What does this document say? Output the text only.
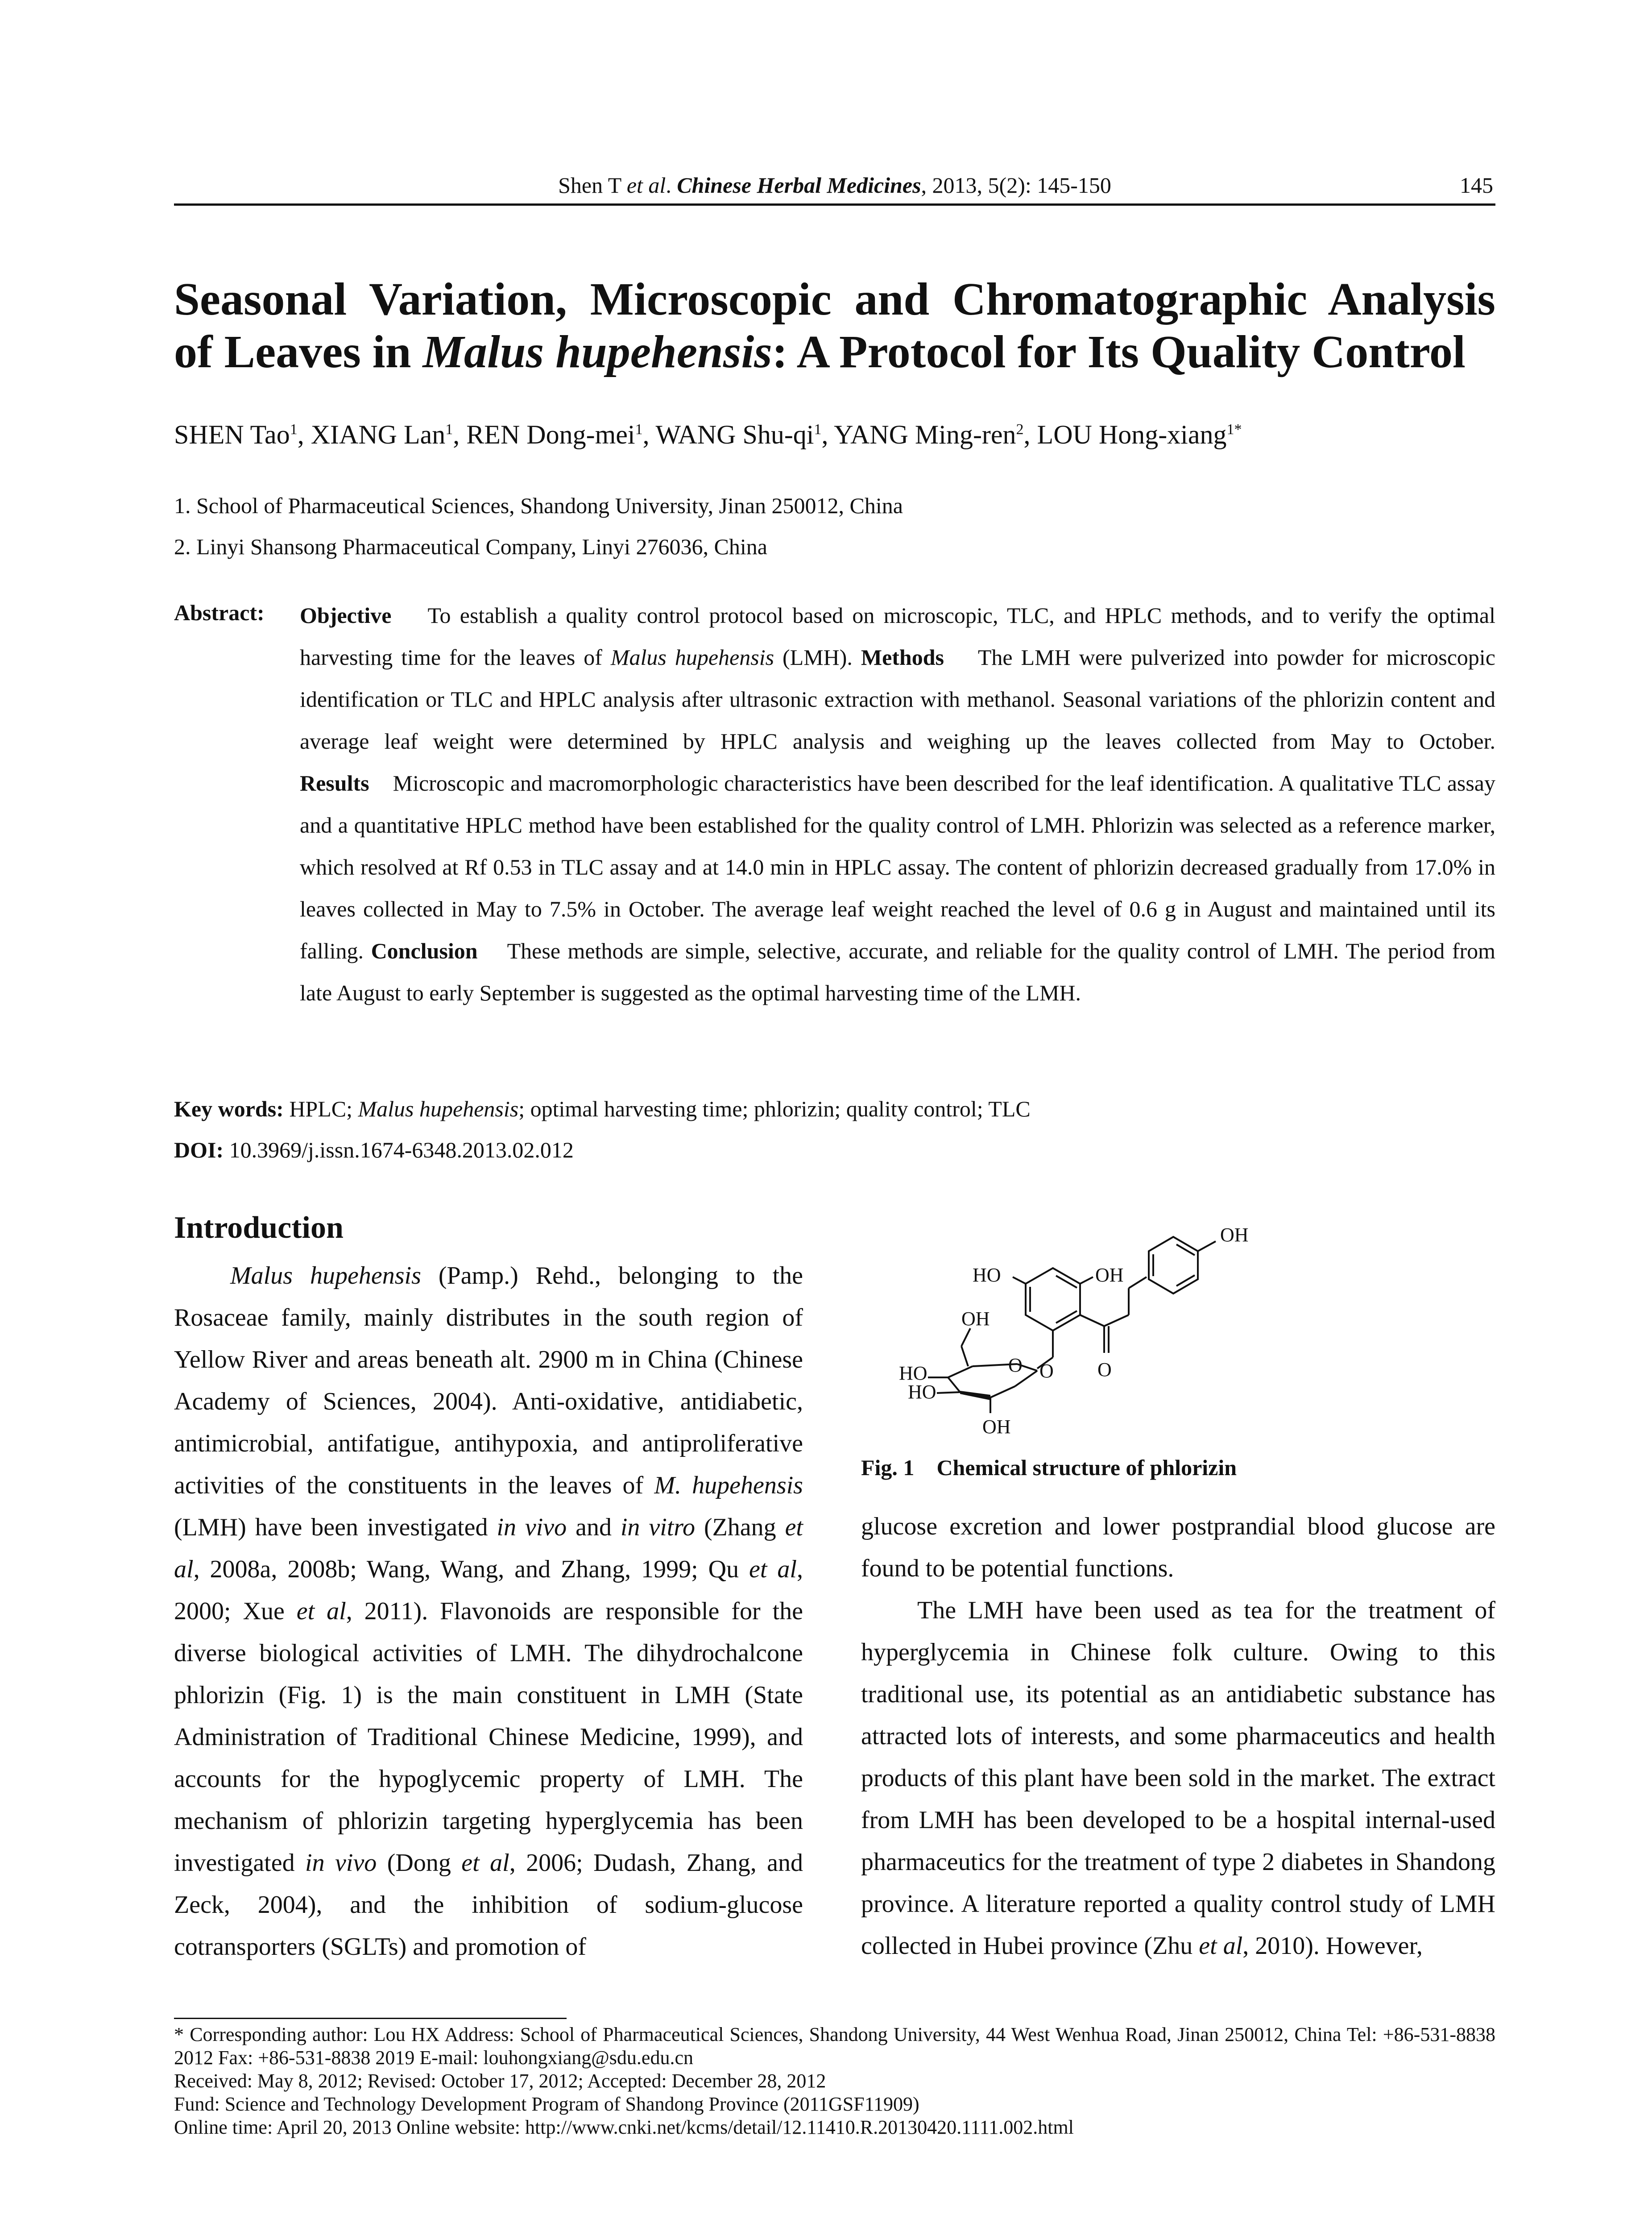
Shen T et al. Chinese Herbal Medicines, 2013, 5(2): 145-150	145
Seasonal Variation, Microscopic and Chromatographic Analysis

of Leaves in Malus hupehensis: A Protocol for Its Quality Control
SHEN Tao$^1$, XIANG Lan$^1$, REN Dong-mei$^1$, WANG Shu-$qi^1$, YANG Ming-ren$^2$, LOU Hong-xiang$^{1*}$
1. School of Pharmaceutical Sciences, Shandong University, Jinan 250012, China
2. Linyi Shansong Pharmaceutical Company, Linyi 276036, China
Abstract: Objective To establish a quality control protocol based on microscopic, TLC, and HPLC methods, and to verify the optimal harvesting time for the leaves of Malus hupehensis (LMH). Methods The LMH were pulverized into powder for microscopic identification or TLC and HPLC analysis after ultrasonic extraction with methanol. Seasonal variations of the phlorizin content and average leaf weight were determined by HPLC analysis and weighing up the leaves collected from May to October. Results Microscopic and macromorphologic characteristics have been described for the leaf identification. A qualitative TLC assay and a quantitative HPLC method have been established for the quality control of LMH. Phlorizin was selected as a reference marker, which resolved at Rf 0.53 in TLC assay and at 14.0 min in HPLC assay. The content of phlorizin decreased gradually from 17.0% in leaves collected in May to 7.5% in October. The average leaf weight reached the level of 0.6 g in August and maintained until its falling. Conclusion These methods are simple, selective, accurate, and reliable for the quality control of LMH. The period from late August to early September is suggested as the optimal harvesting time of the LMH.
Key words: HPLC; Malus hupehensis; optimal harvesting time; phlorizin; quality control; TLC
DOI: 10.3969/j.issn.1674-6348.2013.02.012
Introduction

Malus hupehensis (Pamp.) Rehd., belonging to the Rosaceae family, mainly distributes in the south region of Yellow River and areas beneath alt. 2900 m in China (Chinese Academy of Sciences, 2004). Anti-oxidative, antidiabetic, antimicrobial, antifatigue, antihypoxia, and antiproliferative activities of the constituents in the leaves of M. hupehensis (LMH) have been investigated in vivo and in vitro (Zhang et al, 2008a, 2008b; Wang, Wang, and Zhang, 1999; Qu et al, 2000; Xue et al, 2011). Flavonoids are responsible for the diverse biological activities of LMH. The dihydrochalcone phlorizin (Fig. 1) is the main constituent in LMH (State Administration of Traditional Chinese Medicine, 1999), and accounts for the hypoglycemic property of LMH. The mechanism of phlorizin targeting hyperglycemia has been investigated in vivo (Dong et al, 2006; Dudash, Zhang, and Zeck, 2004), and the inhibition of sodium-glucose cotransporters (SGLTs) and promotion of

OH
HO	OH
OH
HO
HO
O O O
OH
Fig. 1 Chemical structure of phlorizin

glucose excretion and lower postprandial blood glucose are found to be potential functions.

The LMH have been used as tea for the treatment of hyperglycemia in Chinese folk culture. Owing to this traditional use, its potential as an antidiabetic substance has attracted lots of interests, and some pharmaceutics and health products of this plant have been sold in the market. The extract from LMH has been developed to be a hospital internal-used pharmaceutics for the treatment of type 2 diabetes in Shandong province. A literature reported a quality control study of LMH collected in Hubei province (Zhu et al, 2010). However,

* Corresponding author: Lou HX Address: School of Pharmaceutical Sciences, Shandong University, 44 West Wenhua Road, Jinan 250012, China Tel: +86-531-8838 2012 Fax: +86-531-8838 2019 E-mail: louhongxiang@sdu.edu.cn
Received: May 8, 2012; Revised: October 17, 2012; Accepted: December 28, 2012
Fund: Science and Technology Development Program of Shandong Province (2011GSF11909)
Online time: April 20, 2013 Online website: http://www.cnki.net/kcms/detail/12.11410.R.20130420.1111.002.html
